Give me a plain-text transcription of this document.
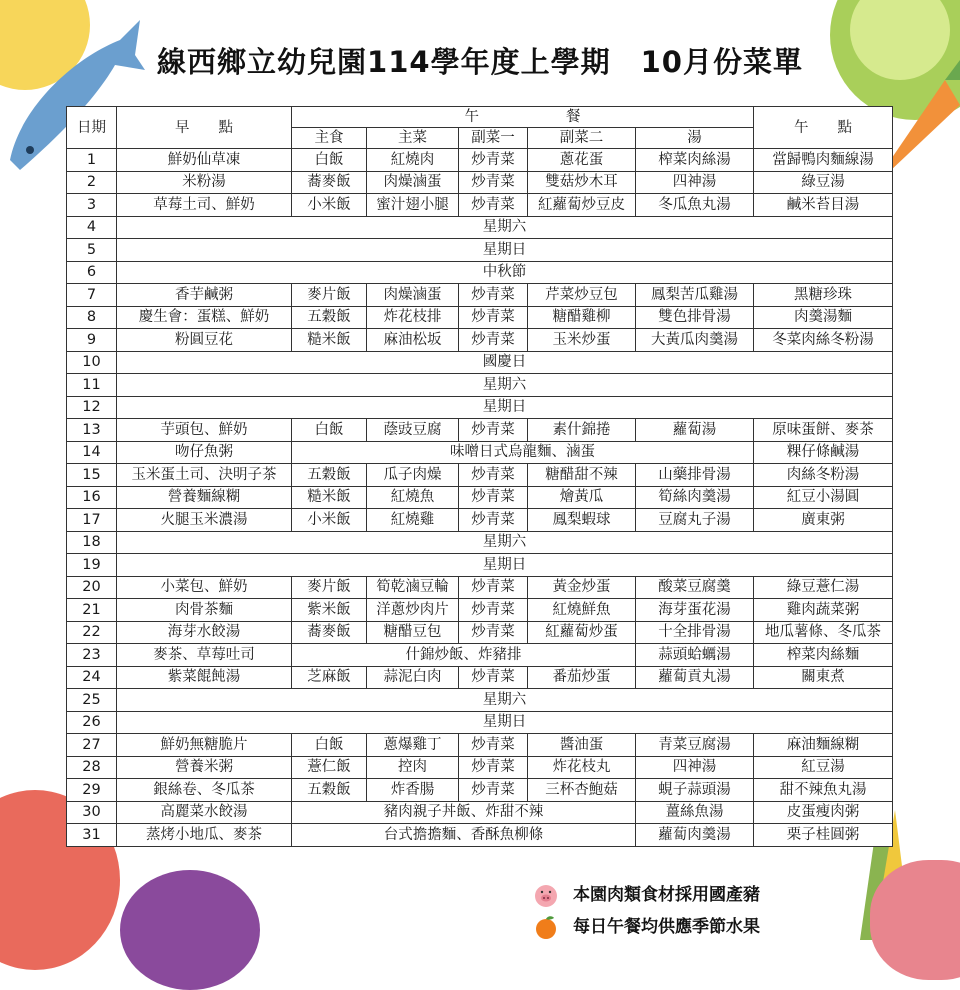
線西鄉立幼兒園114學年度上學期　10月份菜單
日期	早　　點	午　　　　　　餐					午　　點
		主食	主菜	副菜一	副菜二	湯	
1	鮮奶仙草凍	白飯	紅燒肉	炒青菜	蔥花蛋	榨菜肉絲湯	當歸鴨肉麵線湯
2	米粉湯	蕎麥飯	肉燥滷蛋	炒青菜	雙菇炒木耳	四神湯	綠豆湯
3	草莓土司、鮮奶	小米飯	蜜汁翅小腿	炒青菜	紅蘿蔔炒豆皮	冬瓜魚丸湯	鹹米苔目湯
4	星期六						
5	星期日						
6	中秋節						
7	香芋鹹粥	麥片飯	肉燥滷蛋	炒青菜	芹菜炒豆包	鳳梨苦瓜雞湯	黑糖珍珠
8	慶生會：蛋糕、鮮奶	五穀飯	炸花枝排	炒青菜	糖醋雞柳	雙色排骨湯	肉羹湯麵
9	粉圓豆花	糙米飯	麻油松坂	炒青菜	玉米炒蛋	大黃瓜肉羹湯	冬菜肉絲冬粉湯
10	國慶日						
11	星期六						
12	星期日						
13	芋頭包、鮮奶	白飯	蔭豉豆腐	炒青菜	素什錦捲	蘿蔔湯	原味蛋餅、麥茶
14	吻仔魚粥	味噌日式烏龍麵、滷蛋					粿仔條鹹湯
15	玉米蛋土司、決明子茶	五穀飯	瓜子肉燥	炒青菜	糖醋甜不辣	山藥排骨湯	肉絲冬粉湯
16	營養麵線糊	糙米飯	紅燒魚	炒青菜	燴黃瓜	筍絲肉羹湯	紅豆小湯圓
17	火腿玉米濃湯	小米飯	紅燒雞	炒青菜	鳳梨蝦球	豆腐丸子湯	廣東粥
18	星期六						
19	星期日						
20	小菜包、鮮奶	麥片飯	筍乾滷豆輪	炒青菜	黃金炒蛋	酸菜豆腐羹	綠豆薏仁湯
21	肉骨茶麵	紫米飯	洋蔥炒肉片	炒青菜	紅燒鮮魚	海芽蛋花湯	雞肉蔬菜粥
22	海芽水餃湯	蕎麥飯	糖醋豆包	炒青菜	紅蘿蔔炒蛋	十全排骨湯	地瓜薯條、冬瓜茶
23	麥茶、草莓吐司	什錦炒飯、炸豬排				蒜頭蛤蠣湯	榨菜肉絲麵
24	紫菜餛飩湯	芝麻飯	蒜泥白肉	炒青菜	番茄炒蛋	蘿蔔貢丸湯	關東煮
25	星期六						
26	星期日						
27	鮮奶無糖脆片	白飯	蔥爆雞丁	炒青菜	醬油蛋	青菜豆腐湯	麻油麵線糊
28	營養米粥	薏仁飯	控肉	炒青菜	炸花枝丸	四神湯	紅豆湯
29	銀絲卷、冬瓜茶	五穀飯	炸香腸	炒青菜	三杯杏鮑菇	蜆子蒜頭湯	甜不辣魚丸湯
30	高麗菜水餃湯	豬肉親子丼飯、炸甜不辣				薑絲魚湯	皮蛋瘦肉粥
31	蒸烤小地瓜、麥茶	台式擔擔麵、香酥魚柳條				蘿蔔肉羹湯	栗子桂圓粥
本園肉類食材採用國產豬
每日午餐均供應季節水果
